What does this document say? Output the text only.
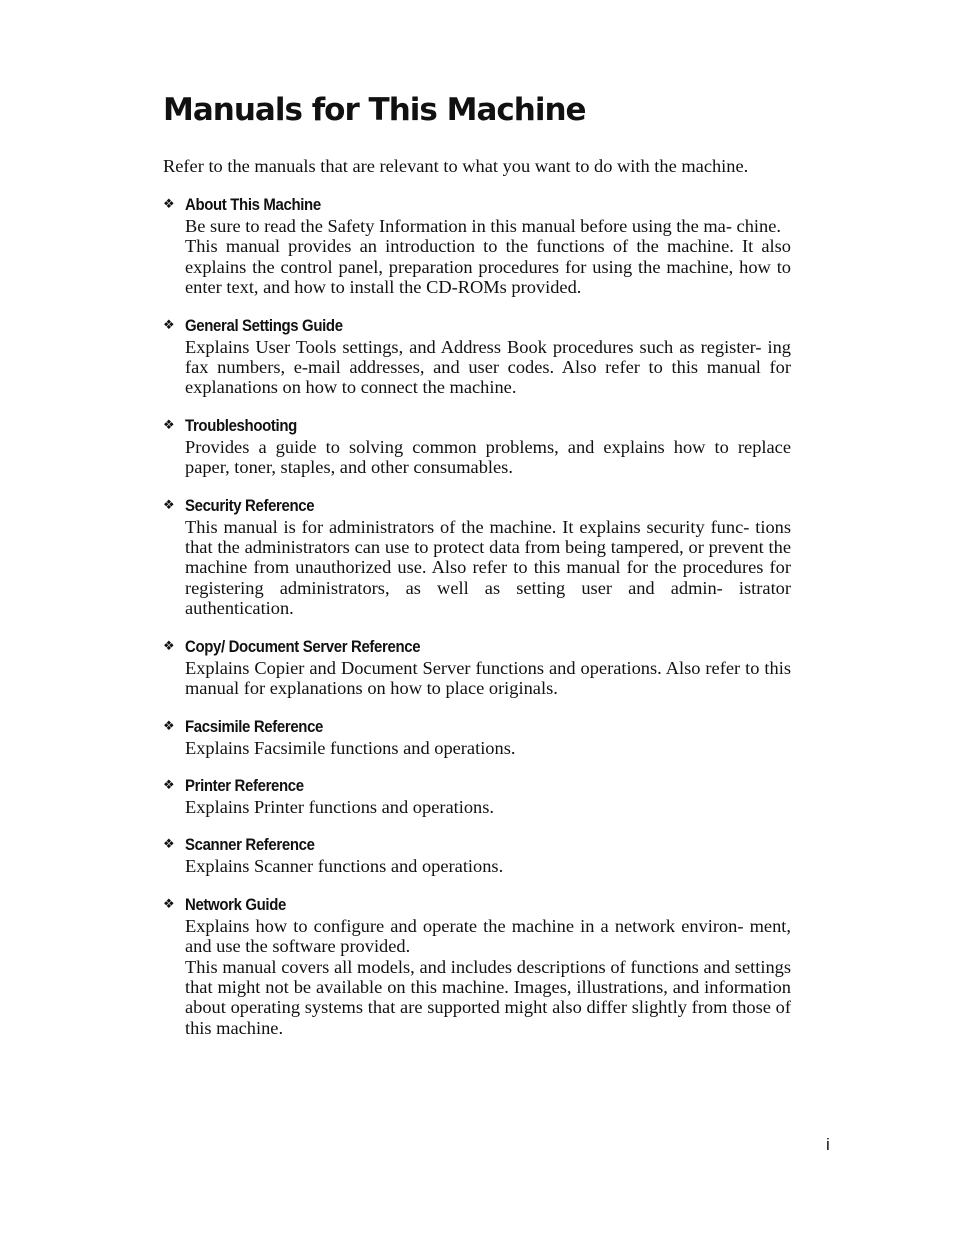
Manuals for This Machine

Refer to the manuals that are relevant to what you want to do with the machine.

❖ About This Machine

Be sure to read the Safety Information in this manual before using the ma- chine.

This manual provides an introduction to the functions of the machine. It also explains the control panel, preparation procedures for using the machine, how to enter text, and how to install the CD-ROMs provided.

❖ General Settings Guide

Explains User Tools settings, and Address Book procedures such as register- ing fax numbers, e-mail addresses, and user codes. Also refer to this manual for explanations on how to connect the machine.

❖ Troubleshooting

Provides a guide to solving common problems, and explains how to replace paper, toner, staples, and other consumables.

❖ Security Reference

This manual is for administrators of the machine. It explains security func- tions that the administrators can use to protect data from being tampered, or prevent the machine from unauthorized use. Also refer to this manual for the procedures for registering administrators, as well as setting user and admin- istrator authentication.

❖ Copy/ Document Server Reference

Explains Copier and Document Server functions and operations. Also refer to this manual for explanations on how to place originals.

❖ Facsimile Reference

Explains Facsimile functions and operations.

❖ Printer Reference

Explains Printer functions and operations.

❖ Scanner Reference

Explains Scanner functions and operations.

❖ Network Guide

Explains how to configure and operate the machine in a network environ- ment, and use the software provided.

This manual covers all models, and includes descriptions of functions and settings that might not be available on this machine. Images, illustrations, and information about operating systems that are supported might also differ slightly from those of this machine.

i
